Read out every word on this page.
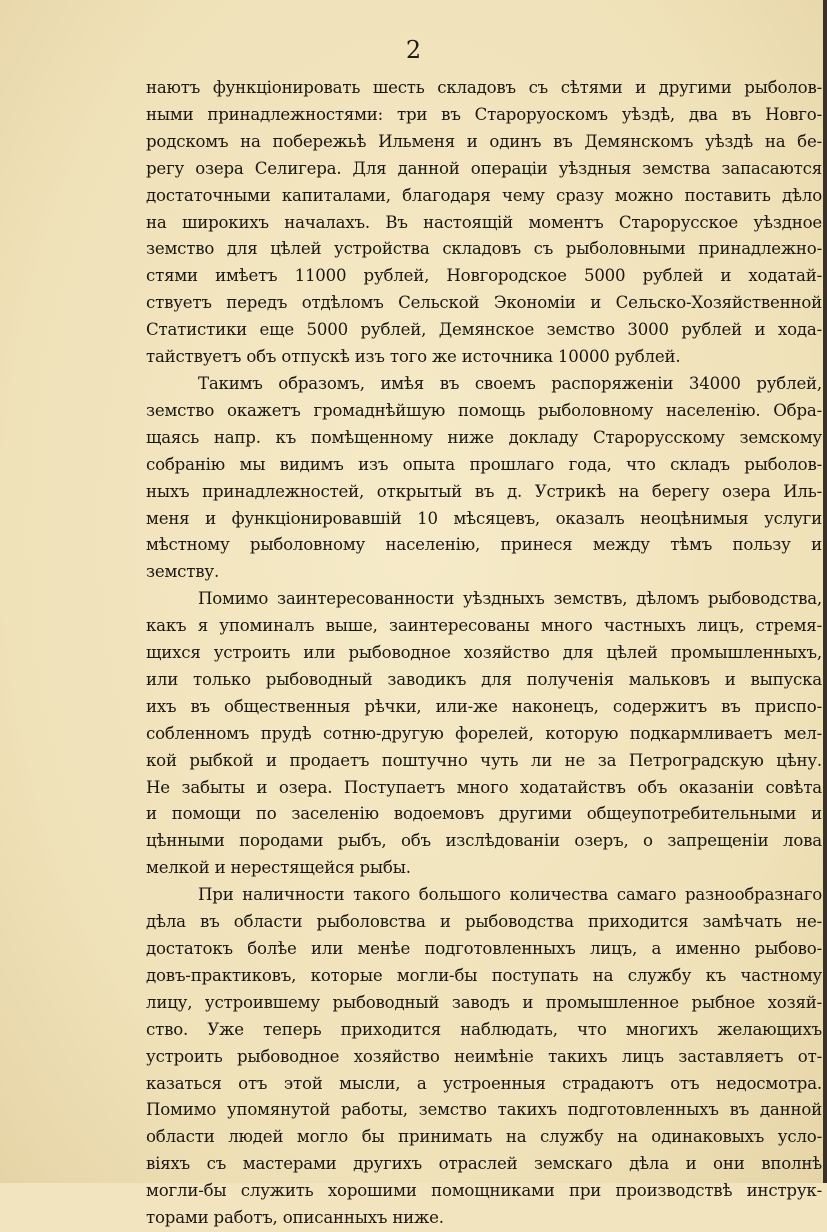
2

наютъ функціонировать шесть складовъ съ сѣтями и другими рыболов-

ными принадлежностями: три въ Староруоскомъ уѣздѣ, два въ Новго-

родскомъ на побережьѣ Ильменя и одинъ въ Демянскомъ уѣздѣ на бе-

регу озера Селигера. Для данной операціи уѣздныя земства запасаются

достаточными капиталами, благодаря чему сразу можно поставить дѣло

на широкихъ началахъ. Въ настоящій моментъ Старорусское уѣздное

земство для цѣлей устройства складовъ съ рыболовными принадлежно-

стями имѣетъ 11000 рублей, Новгородское 5000 рублей и ходатай-

ствуетъ передъ отдѣломъ Сельской Экономіи и Сельско-Хозяйственной

Статистики еще 5000 рублей, Демянское земство 3000 рублей и хода-

тайствуетъ объ отпускѣ изъ того же источника 10000 рублей.

Такимъ образомъ, имѣя въ своемъ распоряженіи 34000 рублей,

земство окажетъ громаднѣйшую помощь рыболовному населенію. Обра-

щаясь напр. къ помѣщенному ниже докладу Старорусскому земскому

собранію мы видимъ изъ опыта прошлаго года, что складъ рыболов-

ныхъ принадлежностей, открытый въ д. Устрикѣ на берегу озера Иль-

меня и функціонировавшій 10 мѣсяцевъ, оказалъ неоцѣнимыя услуги

мѣстному рыболовному населенію, принеся между тѣмъ пользу и

земству.

Помимо заинтересованности уѣздныхъ земствъ, дѣломъ рыбоводства,

какъ я упоминалъ выше, заинтересованы много частныхъ лицъ, стремя-

щихся устроить или рыбоводное хозяйство для цѣлей промышленныхъ,

или только рыбоводный заводикъ для полученія мальковъ и выпуска

ихъ въ общественныя рѣчки, или-же наконецъ, содержитъ въ приспо-

собленномъ прудѣ сотню-другую форелей, которую подкармливаетъ мел-

кой рыбкой и продаетъ поштучно чуть ли не за Петроградскую цѣну.

Не забыты и озера. Поступаетъ много ходатайствъ объ оказаніи совѣта

и помощи по заселенію водоемовъ другими общеупотребительными и

цѣнными породами рыбъ, объ изслѣдованіи озеръ, о запрещеніи лова

мелкой и нерестящейся рыбы.

При наличности такого большого количества самаго разнообразнаго

дѣла въ области рыболовства и рыбоводства приходится замѣчать не-

достатокъ болѣе или менѣе подготовленныхъ лицъ, а именно рыбово-

довъ-практиковъ, которые могли-бы поступать на службу къ частному

лицу, устроившему рыбоводный заводъ и промышленное рыбное хозяй-

ство. Уже теперь приходится наблюдать, что многихъ желающихъ

устроить рыбоводное хозяйство неимѣніе такихъ лицъ заставляетъ от-

казаться отъ этой мысли, а устроенныя страдаютъ отъ недосмотра.

Помимо упомянутой работы, земство такихъ подготовленныхъ въ данной

области людей могло бы принимать на службу на одинаковыхъ усло-

віяхъ съ мастерами другихъ отраслей земскаго дѣла и они вполнѣ

могли-бы служить хорошими помощниками при производствѣ инструк-

торами работъ, описанныхъ ниже.
